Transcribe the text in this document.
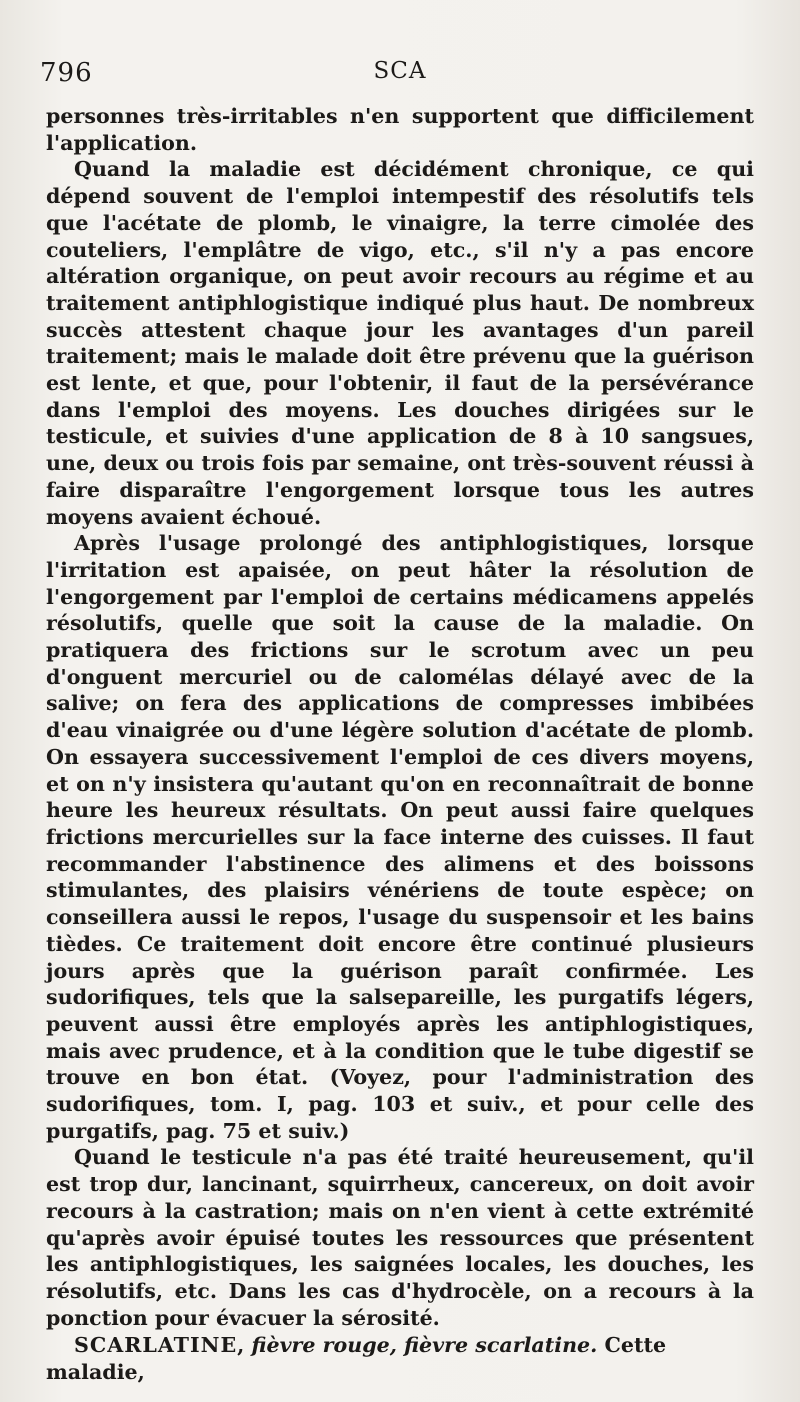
796	SCA

personnes très-irritables n'en supportent que difficilement l'application.

Quand la maladie est décidément chronique, ce qui dépend souvent de l'emploi intempestif des résolutifs tels que l'acétate de plomb, le vinaigre, la terre cimolée des couteliers, l'emplâtre de vigo, etc., s'il n'y a pas encore altération organique, on peut avoir recours au régime et au traitement antiphlogistique indiqué plus haut. De nombreux succès attestent chaque jour les avantages d'un pareil traitement; mais le malade doit être prévenu que la guérison est lente, et que, pour l'obtenir, il faut de la persévérance dans l'emploi des moyens. Les douches dirigées sur le testicule, et suivies d'une application de 8 à 10 sangsues, une, deux ou trois fois par semaine, ont très-souvent réussi à faire disparaître l'engorgement lorsque tous les autres moyens avaient échoué.

Après l'usage prolongé des antiphlogistiques, lorsque l'irritation est apaisée, on peut hâter la résolution de l'engorgement par l'emploi de certains médicamens appelés résolutifs, quelle que soit la cause de la maladie. On pratiquera des frictions sur le scrotum avec un peu d'onguent mercuriel ou de calomélas délayé avec de la salive; on fera des applications de compresses imbibées d'eau vinaigrée ou d'une légère solution d'acétate de plomb. On essayera successivement l'emploi de ces divers moyens, et on n'y insistera qu'autant qu'on en reconnaîtrait de bonne heure les heureux résultats. On peut aussi faire quelques frictions mercurielles sur la face interne des cuisses. Il faut recommander l'abstinence des alimens et des boissons stimulantes, des plaisirs vénériens de toute espèce; on conseillera aussi le repos, l'usage du suspensoir et les bains tièdes. Ce traitement doit encore être continué plusieurs jours après que la guérison paraît confirmée. Les sudorifiques, tels que la salsepareille, les purgatifs légers, peuvent aussi être employés après les antiphlogistiques, mais avec prudence, et à la condition que le tube digestif se trouve en bon état. (Voyez, pour l'administration des sudorifiques, tom. I, pag. 103 et suiv., et pour celle des purgatifs, pag. 75 et suiv.)

Quand le testicule n'a pas été traité heureusement, qu'il est trop dur, lancinant, squirrheux, cancereux, on doit avoir recours à la castration; mais on n'en vient à cette extrémité qu'après avoir épuisé toutes les ressources que présentent les antiphlogistiques, les saignées locales, les douches, les résolutifs, etc. Dans les cas d'hydrocèle, on a recours à la ponction pour évacuer la sérosité.

SCARLATINE, fièvre rouge, fièvre scarlatine. Cette maladie,
